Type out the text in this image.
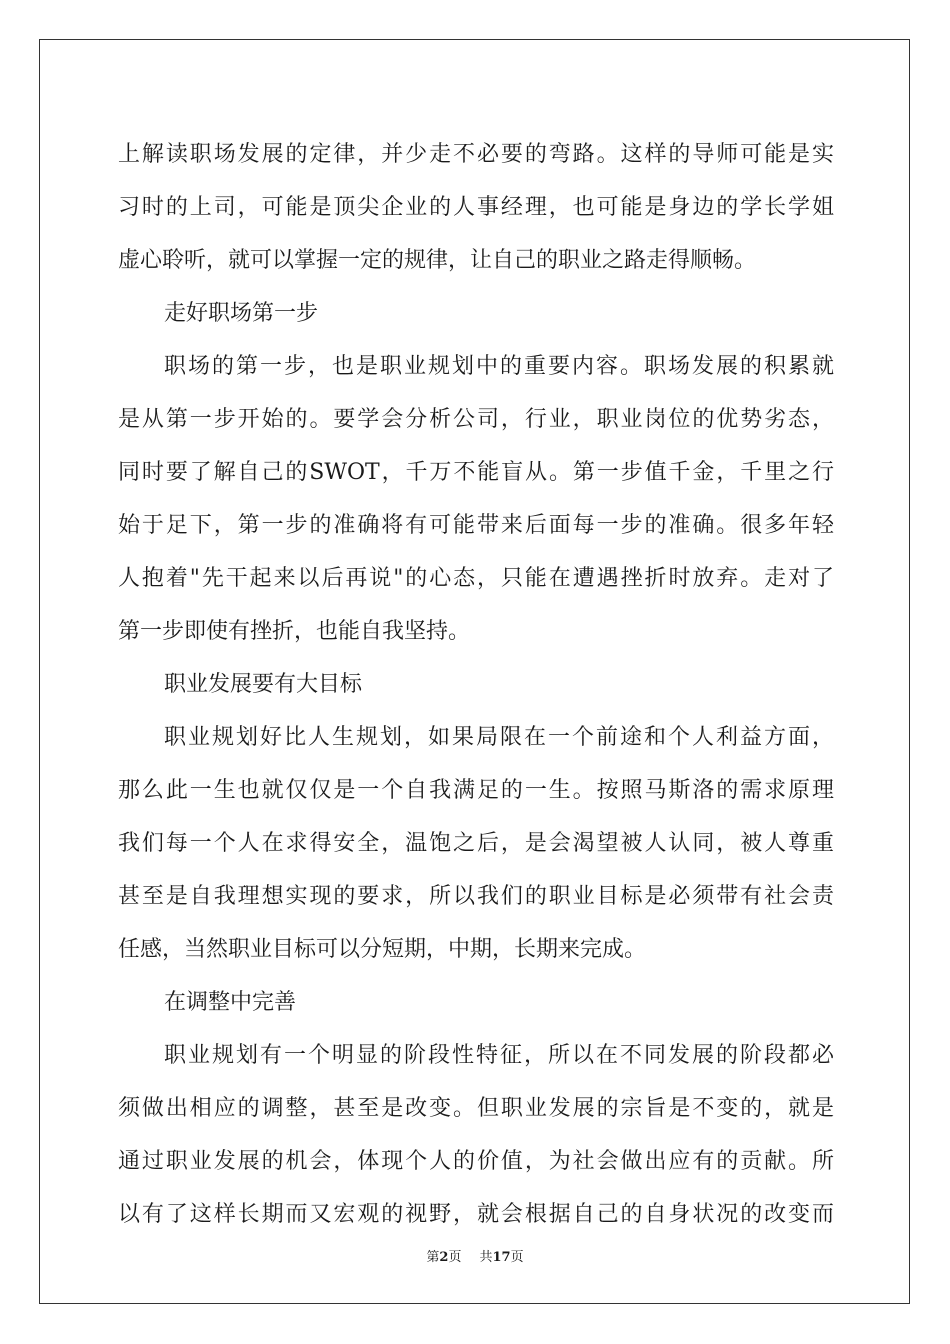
上解读职场发展的定律，并少走不必要的弯路。这样的导师可能是实
习时的上司，可能是顶尖企业的人事经理，也可能是身边的学长学姐
虚心聆听，就可以掌握一定的规律，让自己的职业之路走得顺畅。
走好职场第一步
职场的第一步，也是职业规划中的重要内容。职场发展的积累就
是从第一步开始的。要学会分析公司，行业，职业岗位的优势劣态，
同时要了解自己的SWOT，千万不能盲从。第一步值千金，千里之行
始于足下，第一步的准确将有可能带来后面每一步的准确。很多年轻
人抱着"先干起来以后再说"的心态，只能在遭遇挫折时放弃。走对了
第一步即使有挫折，也能自我坚持。
职业发展要有大目标
职业规划好比人生规划，如果局限在一个前途和个人利益方面，
那么此一生也就仅仅是一个自我满足的一生。按照马斯洛的需求原理
我们每一个人在求得安全，温饱之后，是会渴望被人认同，被人尊重
甚至是自我理想实现的要求，所以我们的职业目标是必须带有社会责
任感，当然职业目标可以分短期，中期，长期来完成。
在调整中完善
职业规划有一个明显的阶段性特征，所以在不同发展的阶段都必
须做出相应的调整，甚至是改变。但职业发展的宗旨是不变的，就是
通过职业发展的机会，体现个人的价值，为社会做出应有的贡献。所
以有了这样长期而又宏观的视野，就会根据自己的自身状况的改变而
第2页 共17页
